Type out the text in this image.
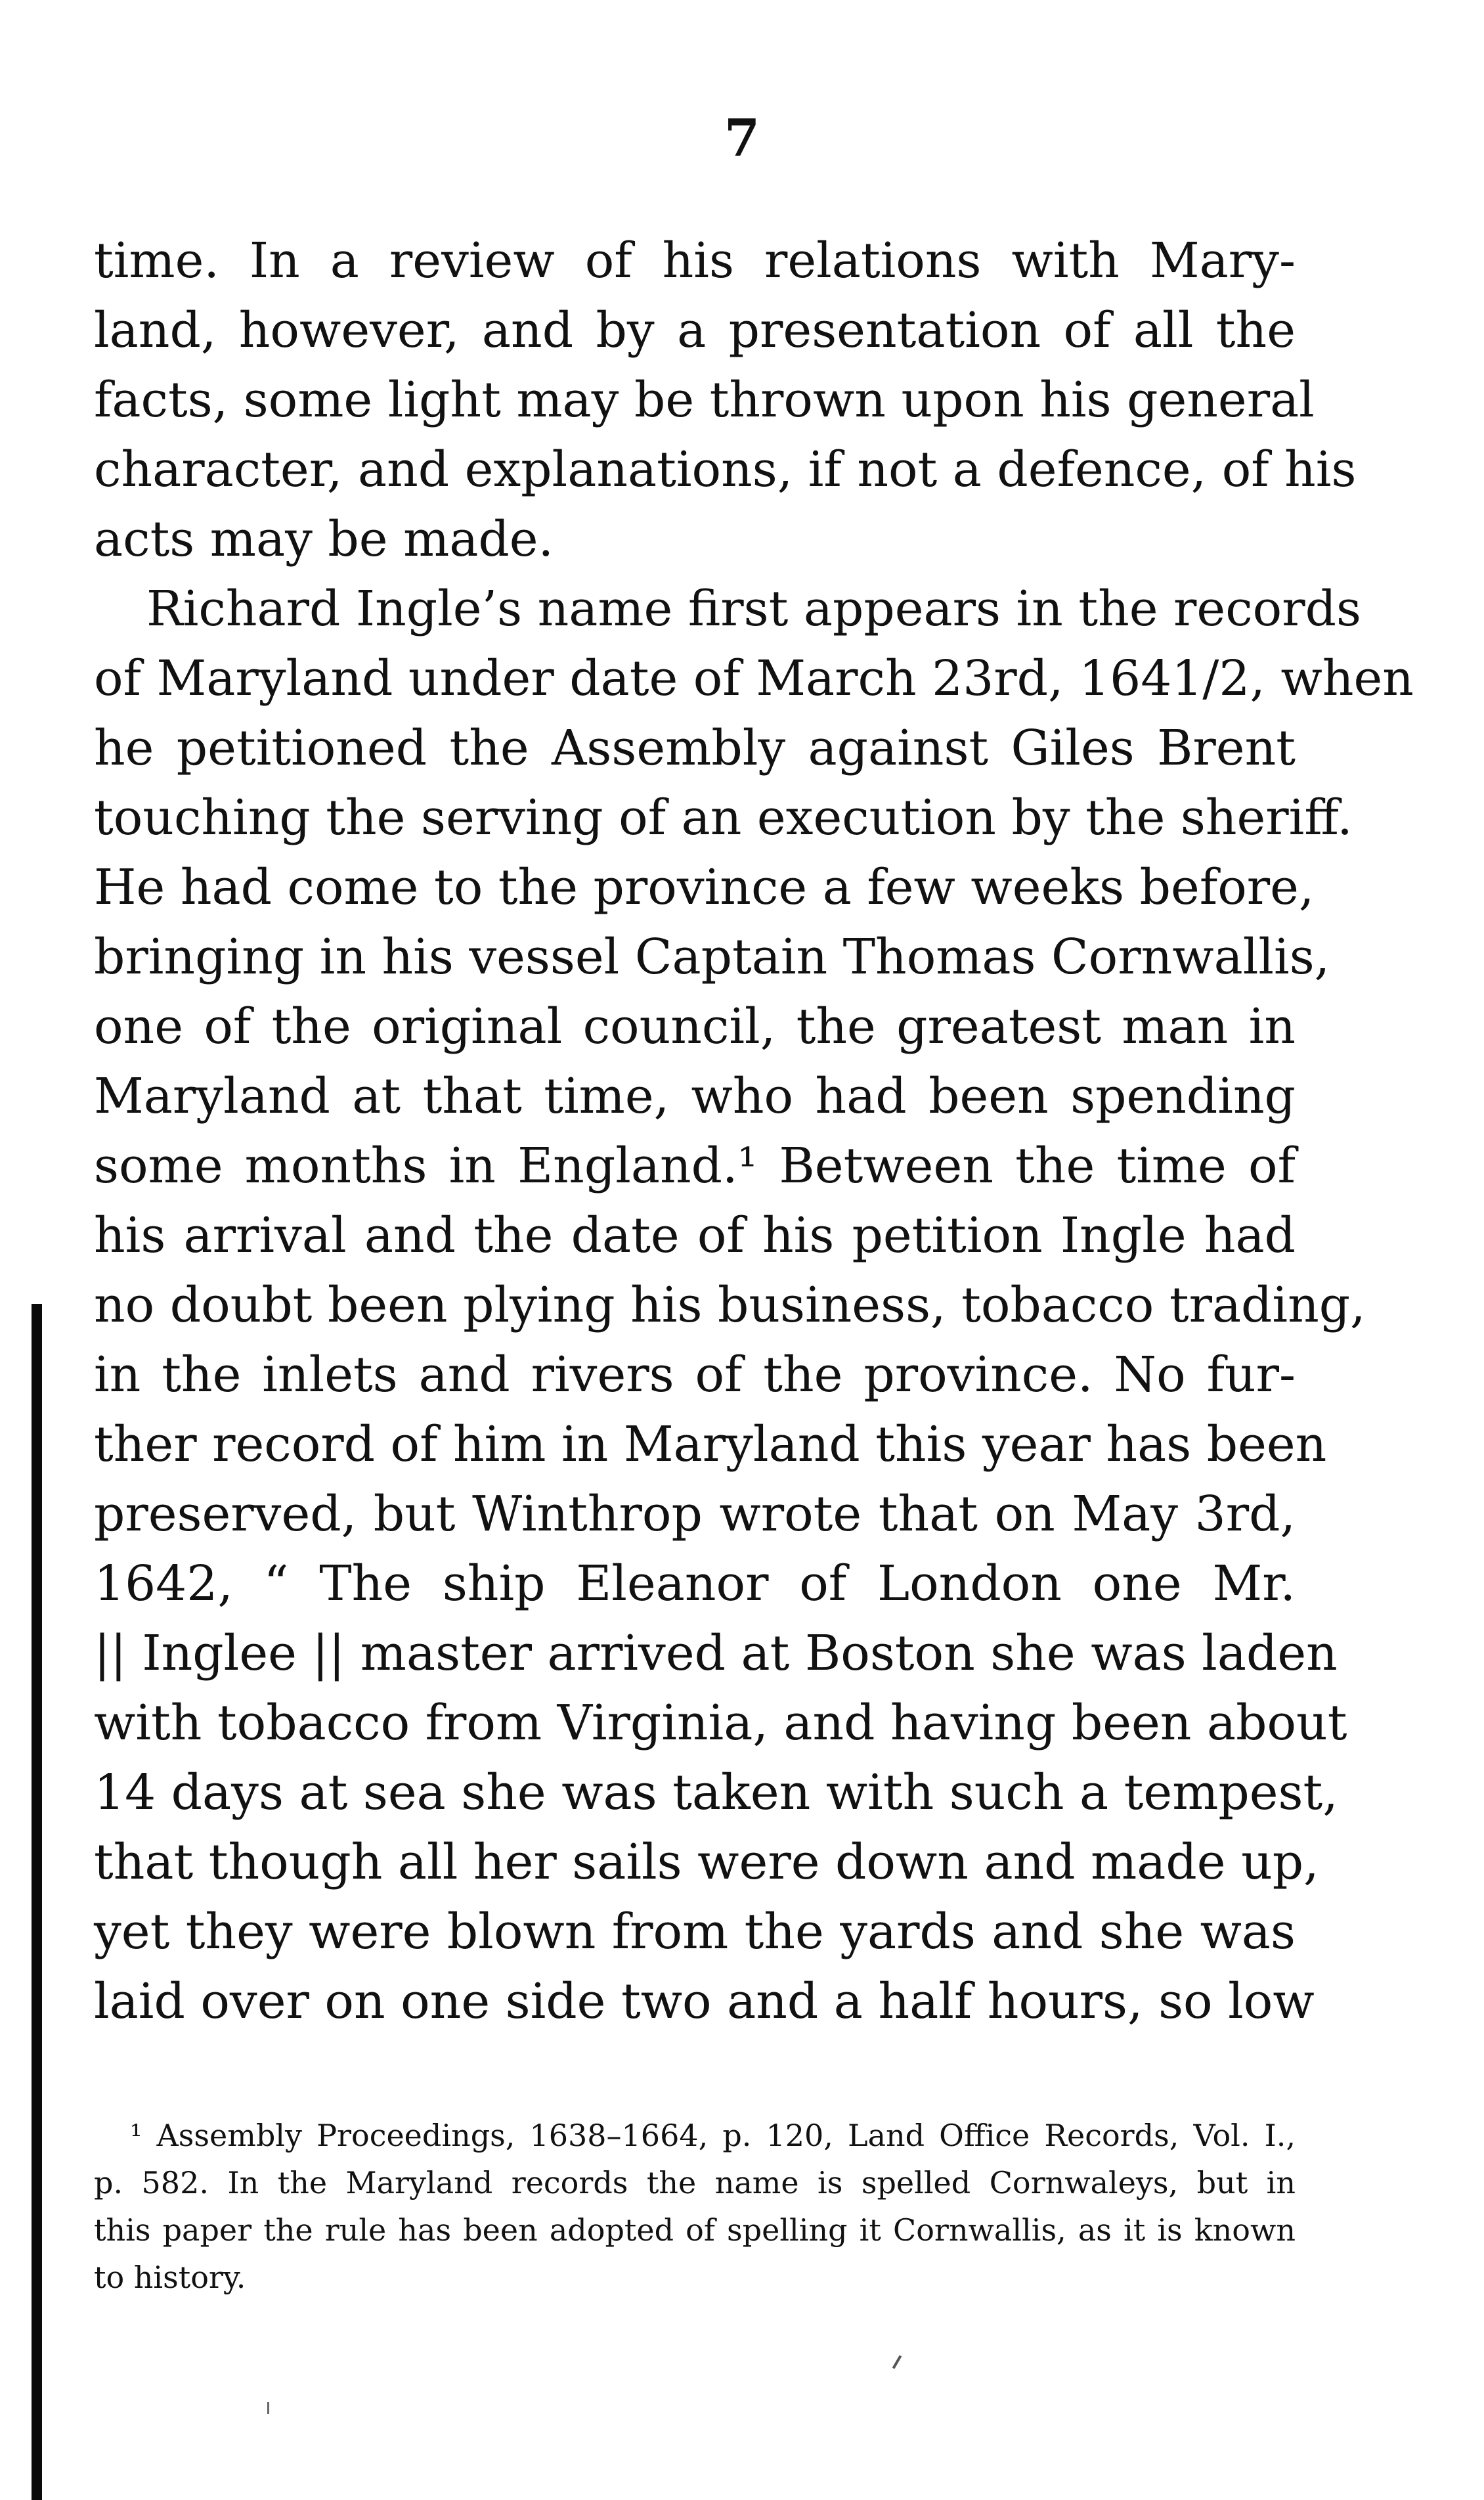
7
time. In a review of his relations with Mary-
land, however, and by a presentation of all the
facts, some light may be thrown upon his general
character, and explanations, if not a defence, of his
acts may be made.
Richard Ingle’s name first appears in the records
of Maryland under date of March 23rd, 1641/2, when
he petitioned the Assembly against Giles Brent
touching the serving of an execution by the sheriff.
He had come to the province a few weeks before,
bringing in his vessel Captain Thomas Cornwallis,
one of the original council, the greatest man in
Maryland at that time, who had been spending
some months in England.¹ Between the time of
his arrival and the date of his petition Ingle had
no doubt been plying his business, tobacco trading,
in the inlets and rivers of the province. No fur-
ther record of him in Maryland this year has been
preserved, but Winthrop wrote that on May 3rd,
1642, “ The ship Eleanor of London one Mr.
|| Inglee || master arrived at Boston she was laden
with tobacco from Virginia, and having been about
14 days at sea she was taken with such a tempest,
that though all her sails were down and made up,
yet they were blown from the yards and she was
laid over on one side two and a half hours, so low
¹ Assembly Proceedings, 1638–1664, p. 120, Land Office Records, Vol. I.,
p. 582. In the Maryland records the name is spelled Cornwaleys, but in
this paper the rule has been adopted of spelling it Cornwallis, as it is known
to history.
